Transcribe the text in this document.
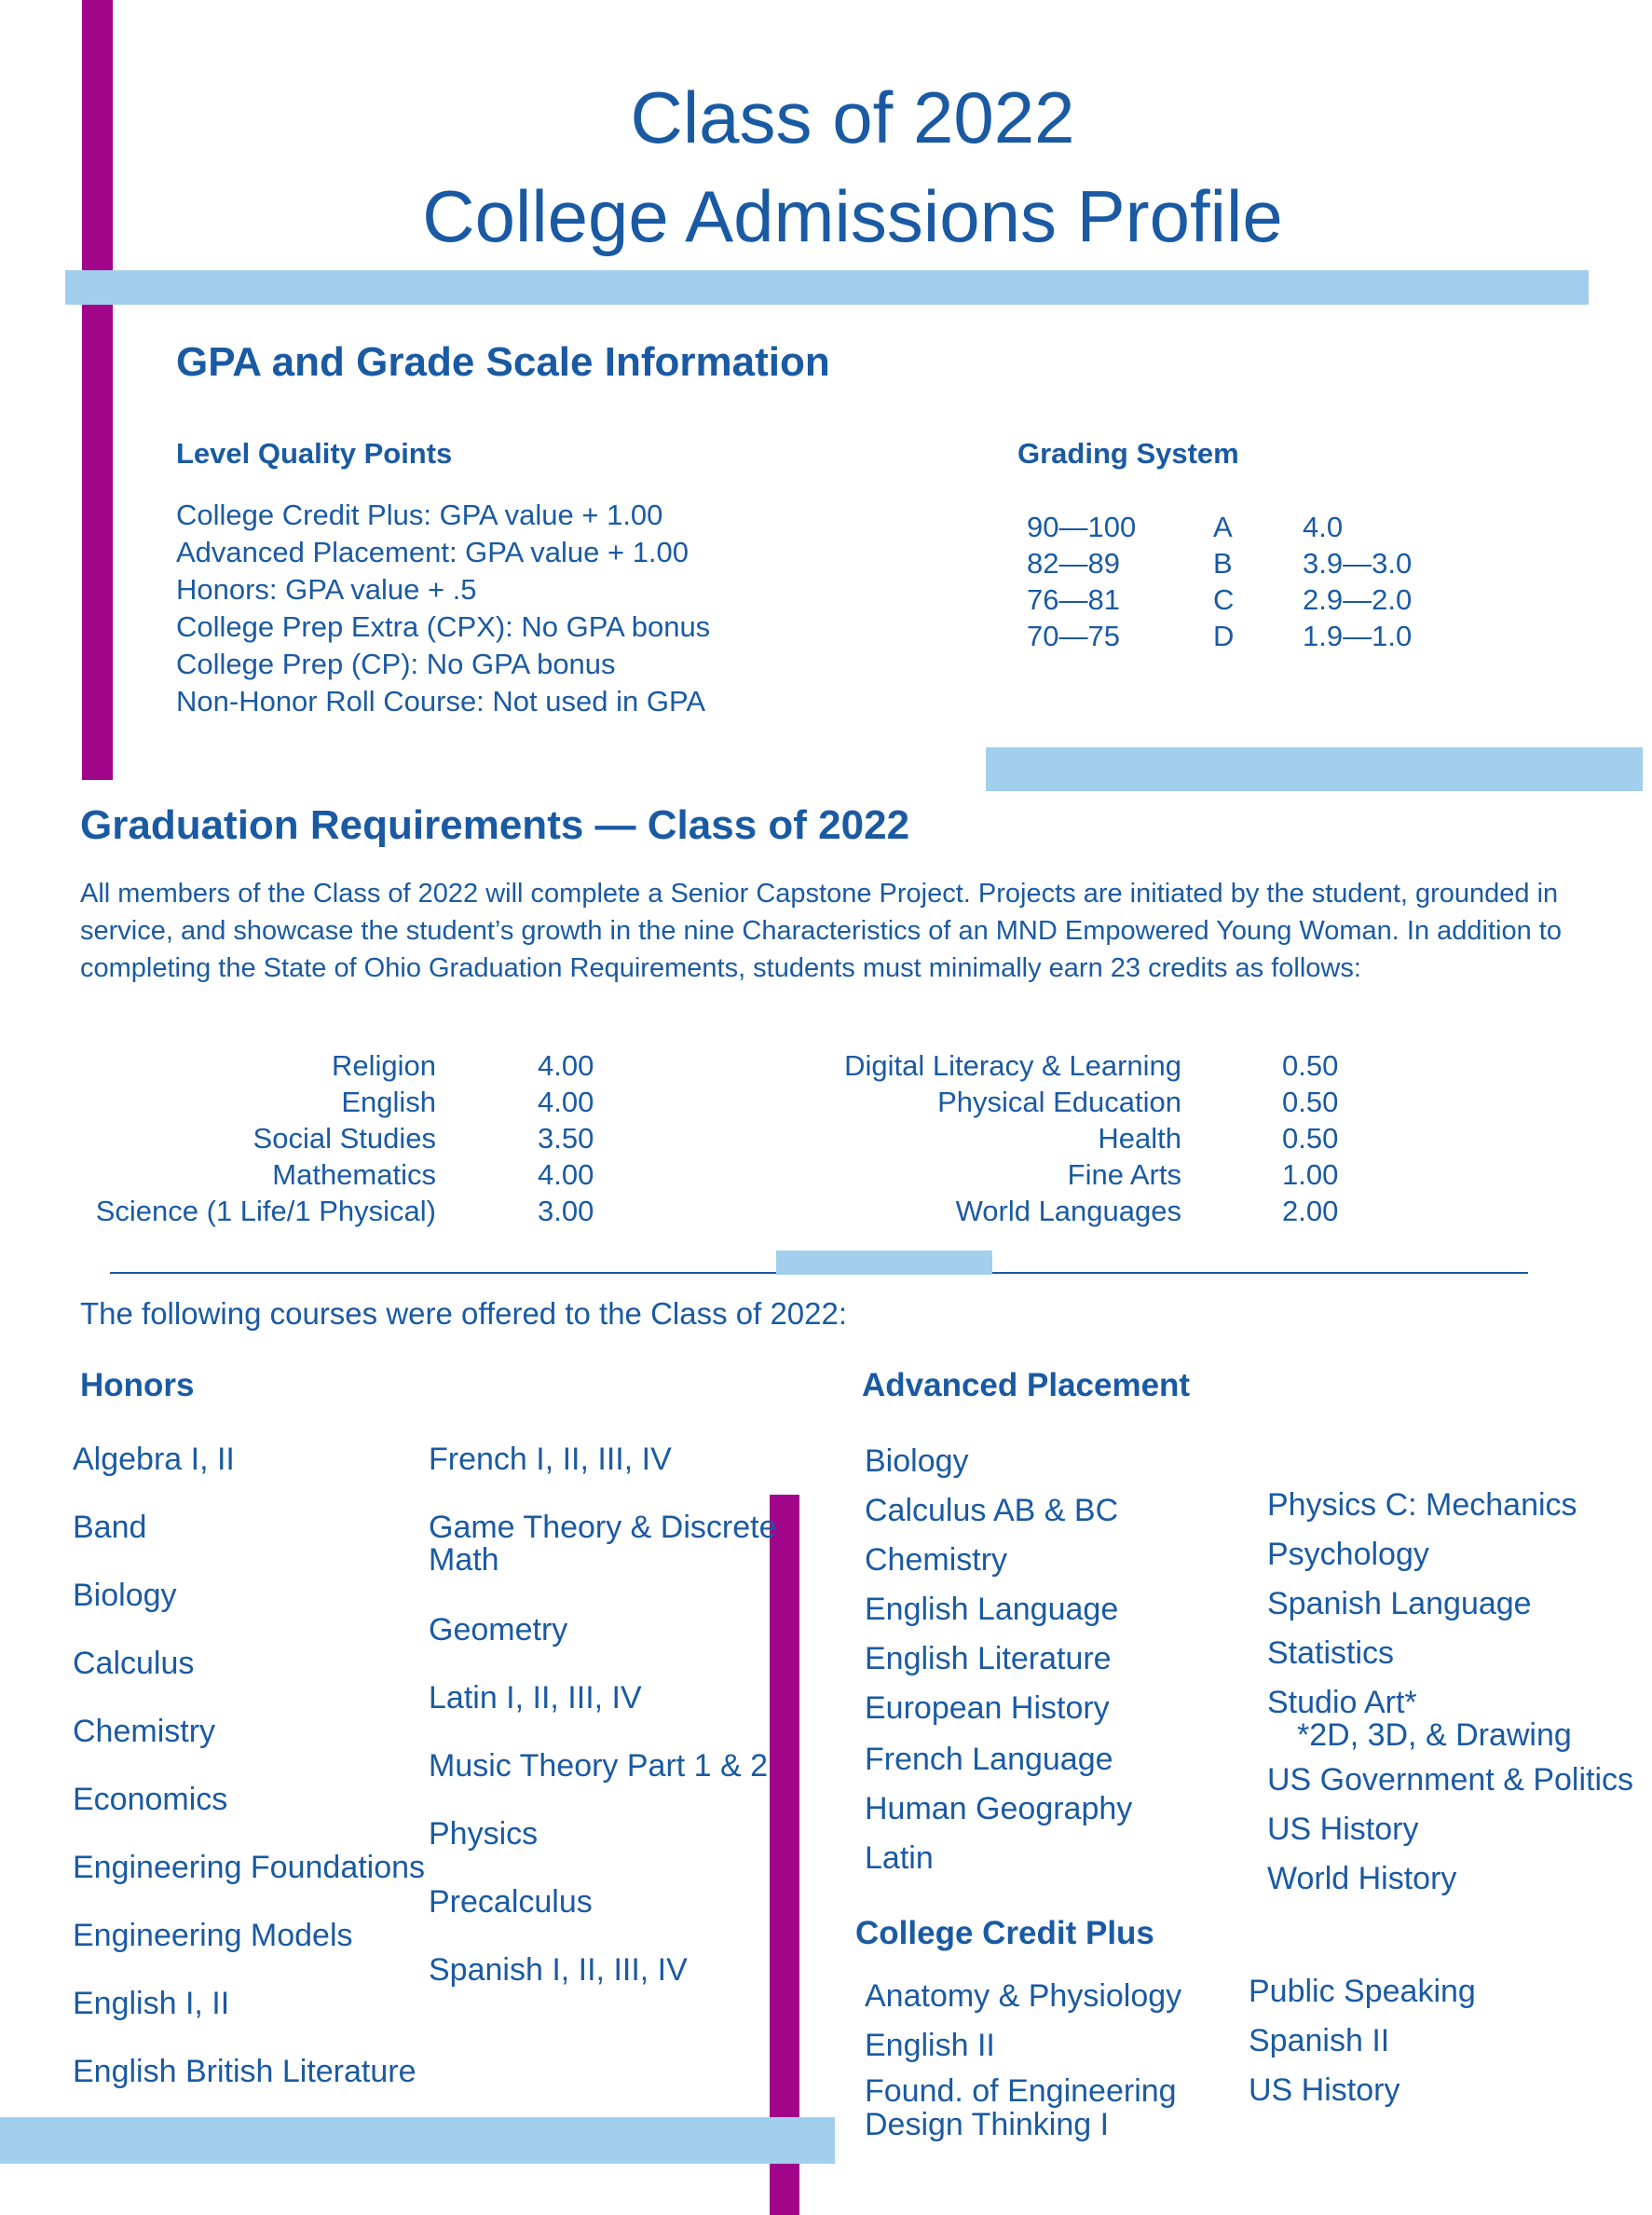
Class of 2022
College Admissions Profile
GPA and Grade Scale Information
Level Quality Points
College Credit Plus: GPA value + 1.00
Advanced Placement: GPA value + 1.00
Honors: GPA value + .5
College Prep Extra (CPX): No GPA bonus
College Prep (CP): No GPA bonus
Non-Honor Roll Course: Not used in GPA
Grading System
90—100	A 4.0
82—89	B 3.9—3.0
76—81	C 2.9—2.0
70—75	D 1.9—1.0
Graduation Requirements — Class of 2022
All members of the Class of 2022 will complete a Senior Capstone Project. Projects are initiated by the student, grounded in service, and showcase the student’s growth in the nine Characteristics of an MND Empowered Young Woman. In addition to completing the State of Ohio Graduation Requirements, students must minimally earn 23 credits as follows:
Religion	4.00
English	4.00
Social Studies	3.50
Mathematics	4.00
Science (1 Life/1 Physical)	3.00
Digital Literacy & Learning	0.50
Physical Education	0.50
Health	0.50
Fine Arts	1.00
World Languages	2.00
The following courses were offered to the Class of 2022:
Honors
Algebra I, II
Band
Biology
Calculus
Chemistry
Economics
Engineering Foundations
Engineering Models
English I, II
English British Literature
French I, II, III, IV
Game Theory & Discrete
Math
Geometry
Latin I, II, III, IV
Music Theory Part 1 & 2
Physics
Precalculus
Spanish I, II, III, IV
Advanced Placement
Biology
Calculus AB & BC
Chemistry
English Language
English Literature
European History
French Language
Human Geography
Latin
Physics C: Mechanics
Psychology
Spanish Language
Statistics
Studio Art*
*2D, 3D, & Drawing
US Government & Politics
US History
World History
College Credit Plus
Anatomy & Physiology
English II
Found. of Engineering
Design Thinking I
Public Speaking
Spanish II
US History
